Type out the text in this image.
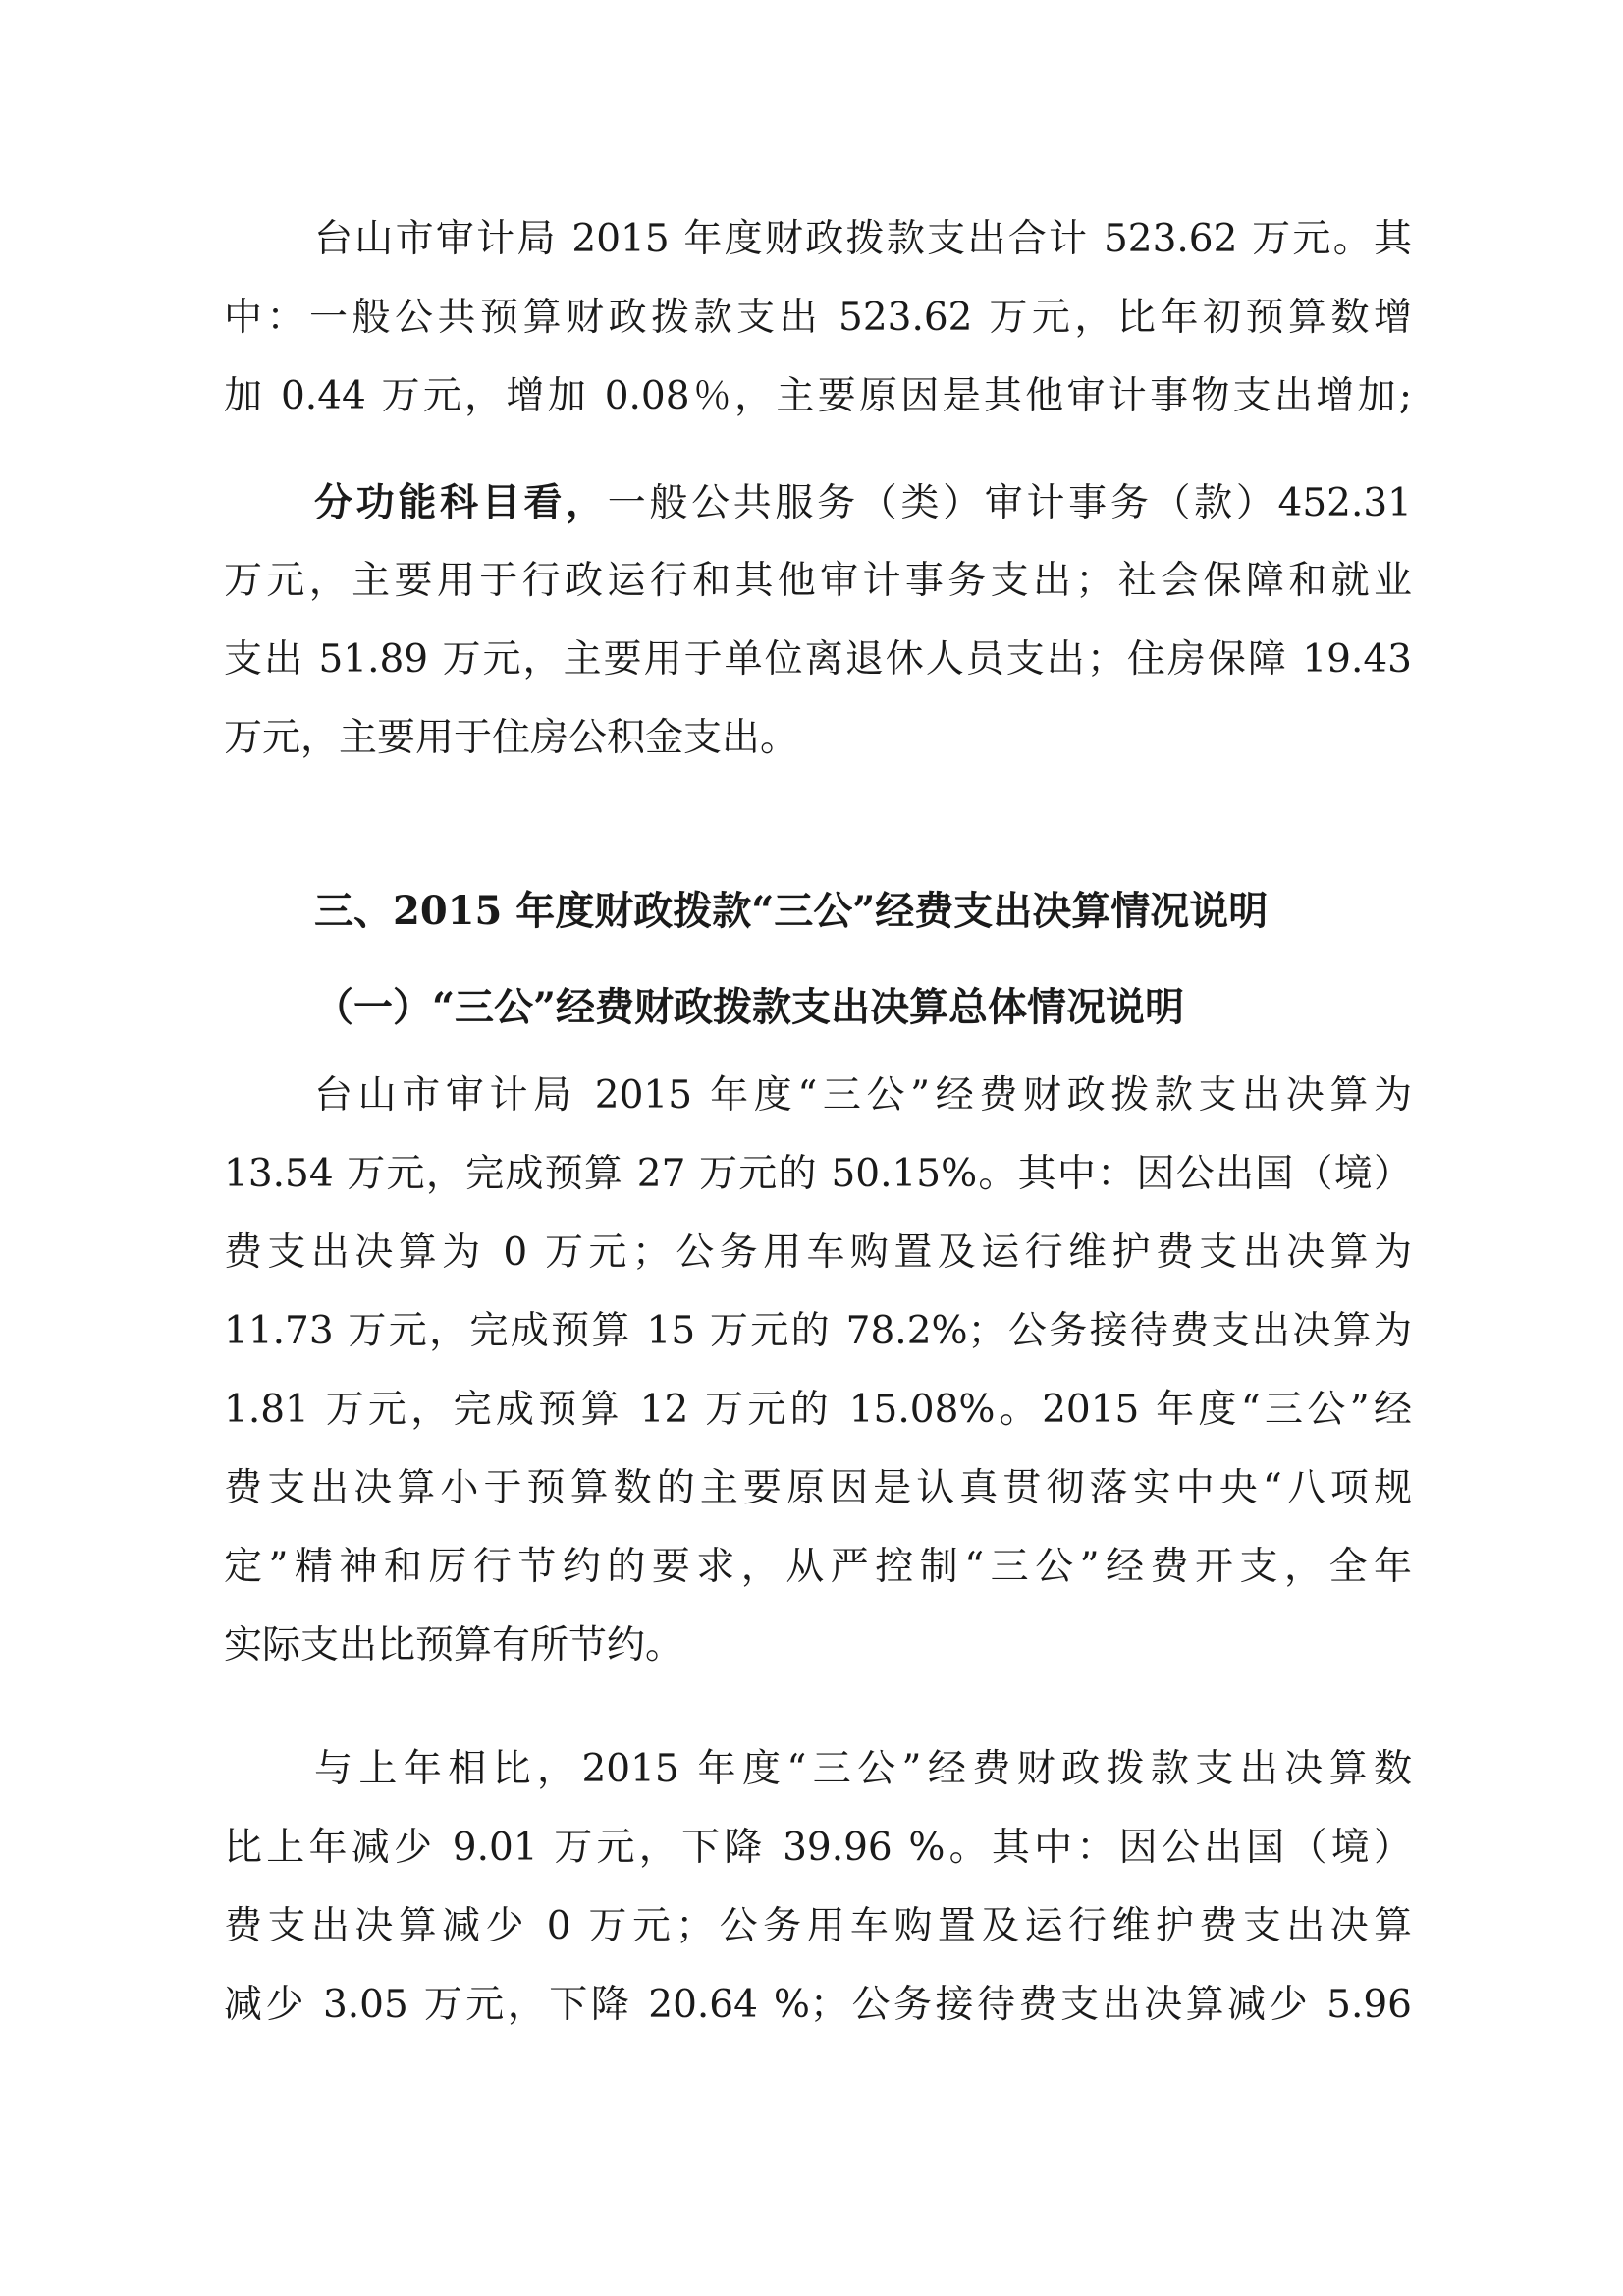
台山市审计局 2015 年度财政拨款支出合计 523.62 万元。其
中：一般公共预算财政拨款支出 523.62 万元，比年初预算数增
加 0.44 万元，增加 0.08％，主要原因是其他审计事物支出增加;
分功能科目看，一般公共服务（类）审计事务（款）452.31
万元，主要用于行政运行和其他审计事务支出；社会保障和就业
支出 51.89 万元，主要用于单位离退休人员支出；住房保障 19.43
万元，主要用于住房公积金支出。
三、2015 年度财政拨款“三公”经费支出决算情况说明
（一）“三公”经费财政拨款支出决算总体情况说明
台山市审计局 2015 年度“三公”经费财政拨款支出决算为
13.54 万元，完成预算 27 万元的 50.15%。其中：因公出国（境）
费支出决算为 0 万元；公务用车购置及运行维护费支出决算为
11.73 万元，完成预算 15 万元的 78.2%；公务接待费支出决算为
1.81 万元，完成预算 12 万元的 15.08%。2015 年度“三公”经
费支出决算小于预算数的主要原因是认真贯彻落实中央“八项规
定”精神和厉行节约的要求，从严控制“三公”经费开支，全年
实际支出比预算有所节约。
与上年相比，2015 年度“三公”经费财政拨款支出决算数
比上年减少 9.01 万元，下降 39.96 %。其中：因公出国（境）
费支出决算减少 0 万元；公务用车购置及运行维护费支出决算
减少 3.05 万元，下降 20.64 %；公务接待费支出决算减少 5.96
